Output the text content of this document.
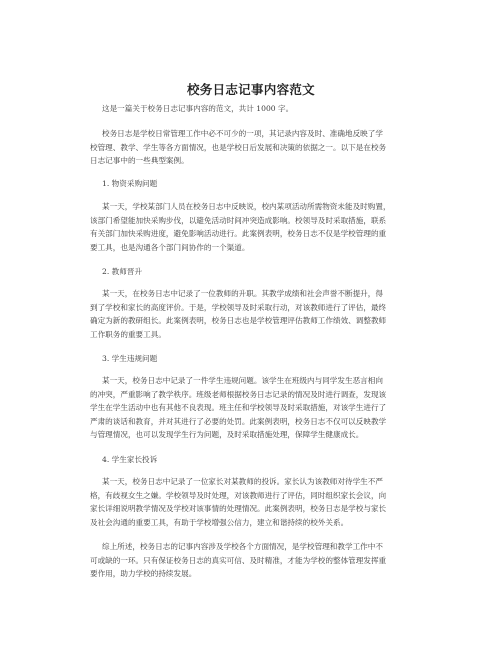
校务日志记事内容范文
这是一篇关于校务日志记事内容的范文，共计 1000 字。
校务日志是学校日常管理工作中必不可少的一项，其记录内容及时、准确地反映了学
校管理、教学、学生等各方面情况，也是学校日后发展和决策的依据之一。以下是在校务
日志记事中的一些典型案例。
1. 物资采购问题
某一天，学校某部门人员在校务日志中反映说，校内某项活动所需物资未能及时购置，
该部门希望能加快采购步伐，以避免活动时间冲突造成影响。校领导及时采取措施，联系
有关部门加快采购进度，避免影响活动进行。此案例表明，校务日志不仅是学校管理的重
要工具，也是沟通各个部门间协作的一个渠道。
2. 教师晋升
某一天，在校务日志中记录了一位教师的升职。其教学成绩和社会声誉不断提升，得
到了学校和家长的高度评价。于是，学校领导及时采取行动，对该教师进行了评估，最终
确定为新的教研组长。此案例表明，校务日志也是学校管理评估教师工作绩效、调整教师
工作职务的重要工具。
3. 学生违规问题
某一天，校务日志中记录了一件学生违规问题。该学生在班级内与同学发生恶言相向
的冲突，严重影响了教学秩序。班级老师根据校务日志记录的情况及时进行调查，发现该
学生在学生活动中也有其他不良表现。班主任和学校领导及时采取措施，对该学生进行了
严肃的谈话和教育，并对其进行了必要的处罚。此案例表明，校务日志不仅可以反映教学
与管理情况，也可以发现学生行为问题，及时采取措施处理，保障学生健康成长。
4. 学生家长投诉
某一天，校务日志中记录了一位家长对某教师的投诉。家长认为该教师对待学生不严
格，有歧视女生之嫌。学校领导及时处理，对该教师进行了评估，同时组织家长会议，向
家长详细说明教学情况及学校对该事情的处理情况。此案例表明，校务日志是学校与家长
及社会沟通的重要工具，有助于学校增强公信力，建立和谐持续的校外关系。
综上所述，校务日志的记事内容涉及学校各个方面情况，是学校管理和教学工作中不
可或缺的一环。只有保证校务日志的真实可信、及时精准，才能为学校的整体管理发挥重
要作用，助力学校的持续发展。
